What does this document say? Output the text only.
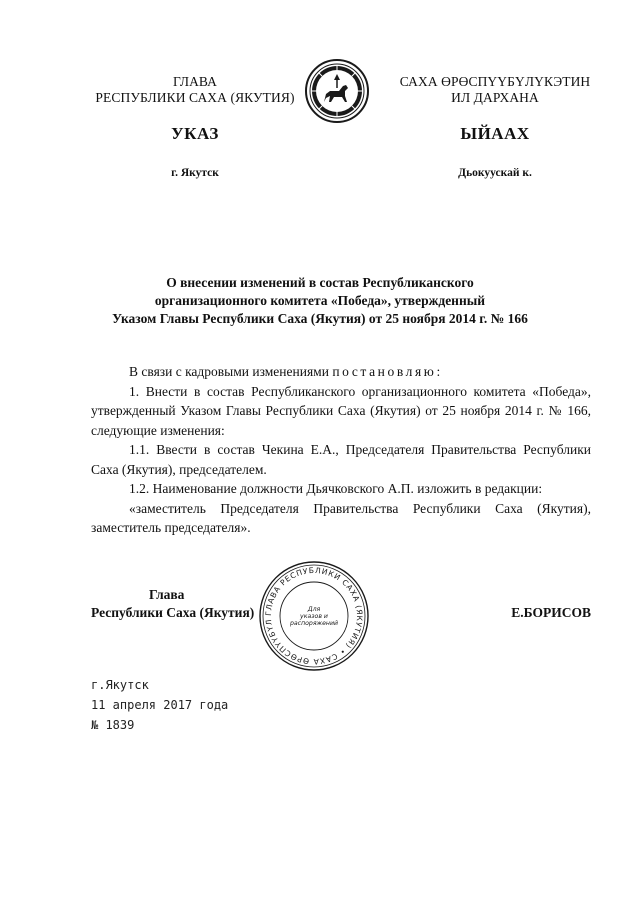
ГЛАВА
РЕСПУБЛИКИ САХА (ЯКУТИЯ)
САХА ӨРӨСПҮҮБҮЛҮКЭТИН
ИЛ ДАРХАНА
УКАЗ	ЫЙААХ
г. Якутск	Дьокуускай к.
О внесении изменений в состав Республиканского
организационного комитета «Победа», утвержденный
Указом Главы Республики Саха (Якутия) от 25 ноября 2014 г. № 166

В связи с кадровыми изменениями постановляю:

1. Внести в состав Республиканского организационного комитета «Победа», утвержденный Указом Главы Республики Саха (Якутия) от 25 ноября 2014 г. № 166, следующие изменения:

1.1. Ввести в состав Чекина Е.А., Председателя Правительства Республики Саха (Якутия), председателем.

1.2. Наименование должности Дьячковского А.П. изложить в редакции:

«заместитель Председателя Правительства Республики Саха (Якутия), заместитель председателя».

Глава
Республики Саха (Якутия)	Е.БОРИСОВ
ГЛАВА РЕСПУБЛИКИ САХА (ЯКУТИЯ) • САХА ӨРӨСПҮҮБҮЛ
Для
указов и
распоряжений
г.Якутск
11 апреля 2017 года
№ 1839
